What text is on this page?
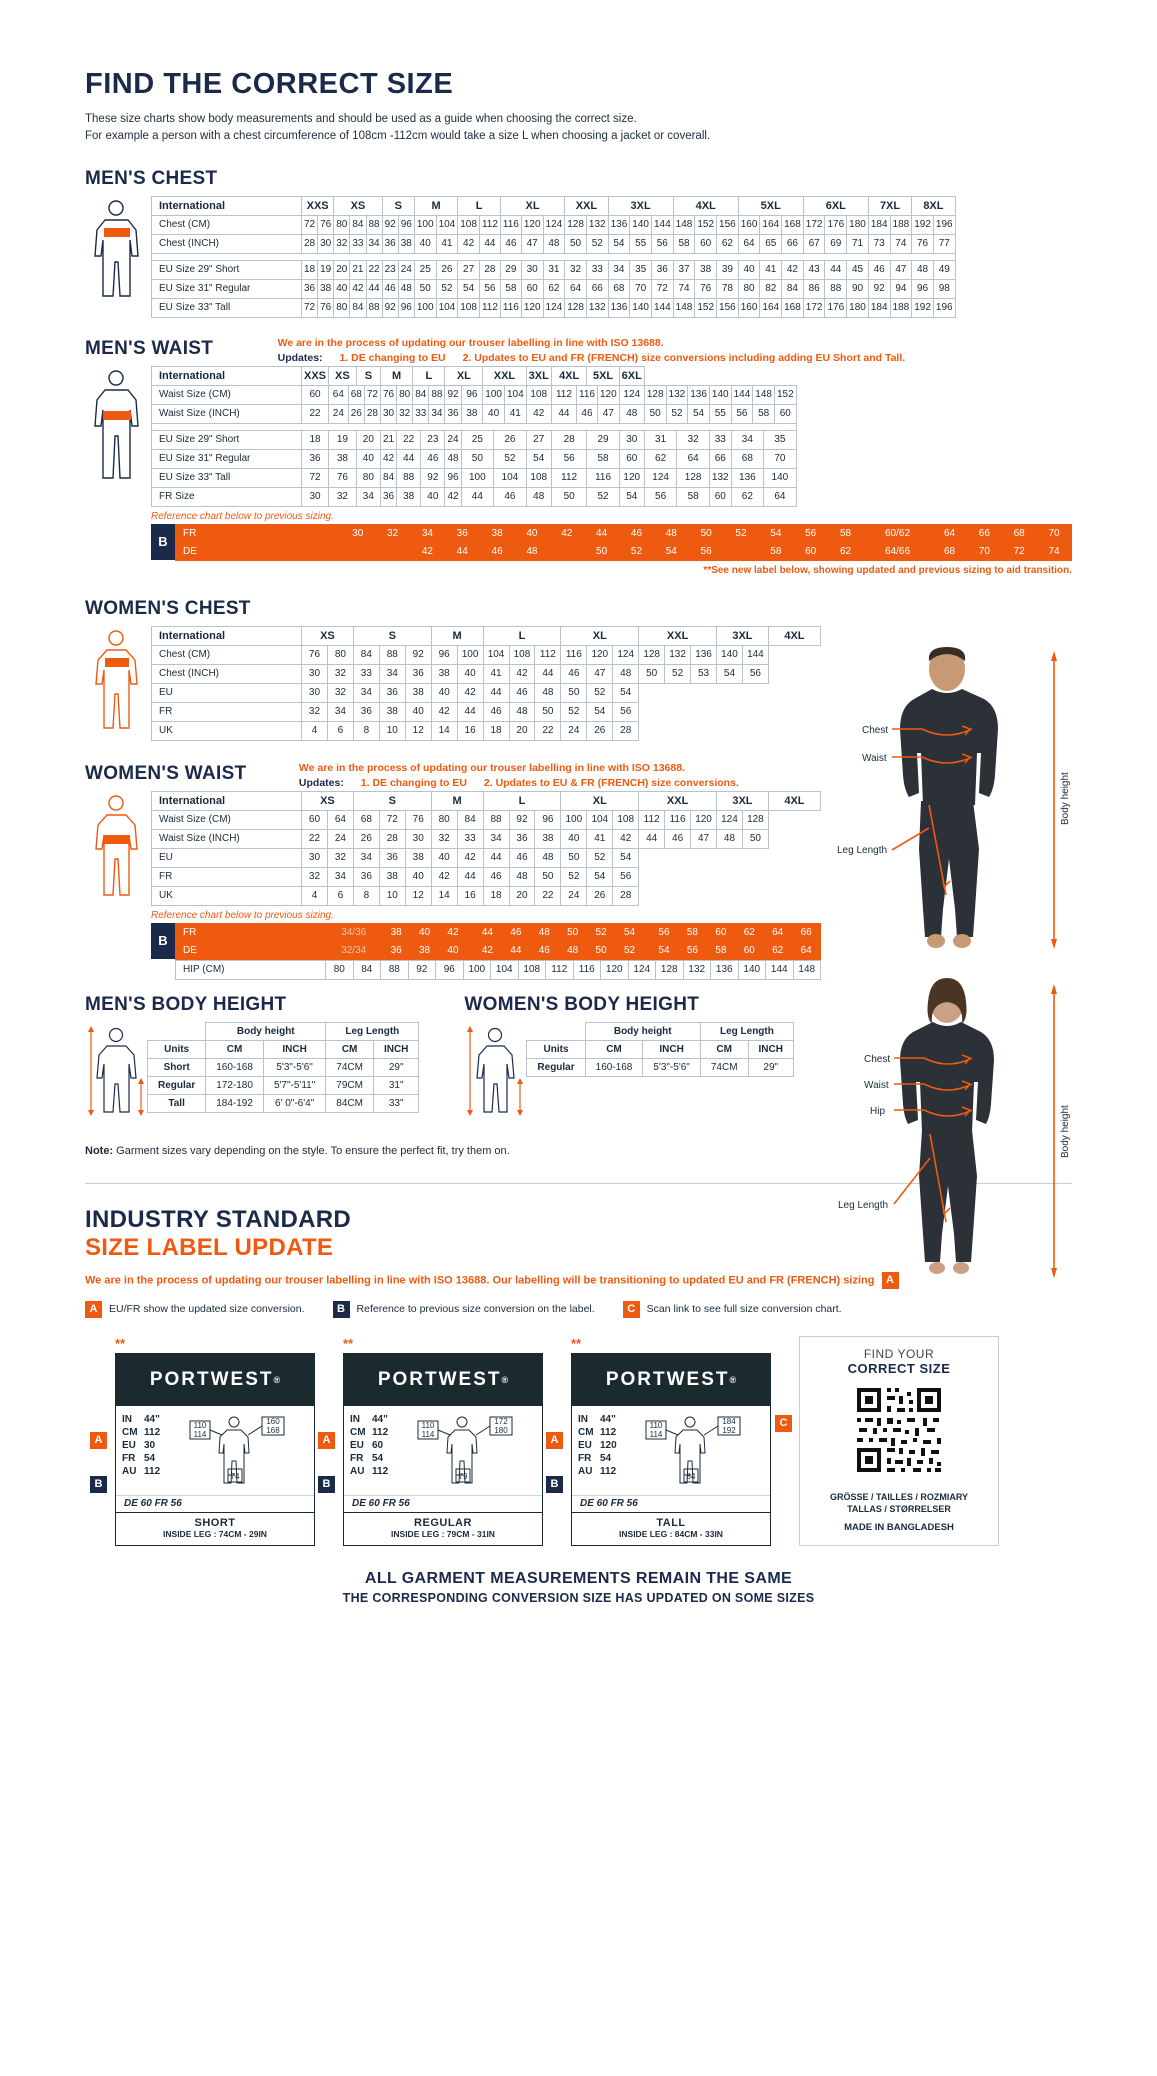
FIND THE CORRECT SIZE
These size charts show body measurements and should be used as a guide when choosing the correct size.
For example a person with a chest circumference of 108cm -112cm would take a size L when choosing a jacket or coverall.
MEN'S CHEST
International	XXS		XS			S		M		L		XL			XXL		3XL			4XL			5XL			6XL			7XL		8XL	
Chest (CM)	72	76	80	84	88	92	96	100	104	108	112	116	120	124	128	132	136	140	144	148	152	156	160	164	168	172	176	180	184	188	192	196
Chest (INCH)	28	30	32	33	34	36	38	40	41	42	44	46	47	48	50	52	54	55	56	58	60	62	64	65	66	67	69	71	73	74	76	77

EU Size 29" Short	18	19	20	21	22	23	24	25	26	27	28	29	30	31	32	33	34	35	36	37	38	39	40	41	42	43	44	45	46	47	48	49
EU Size 31" Regular	36	38	40	42	44	46	48	50	52	54	56	58	60	62	64	66	68	70	72	74	76	78	80	82	84	86	88	90	92	94	96	98
EU Size 33" Tall	72	76	80	84	88	92	96	100	104	108	112	116	120	124	128	132	136	140	144	148	152	156	160	164	168	172	176	180	184	188	192	196
MEN'S WAIST	We are in the process of updating our trouser labelling in line with ISO 13688.
Updates: 1. DE changing to EU 2. Updates to EU and FR (FRENCH) size conversions including adding EU Short and Tall.
International	XXS	XS		S		M		L			XL		XXL			3XL	4XL		5XL		6XL									
Waist Size (CM)	60	64	68		72	76	80	84		88	92	96	100		104	108	112	116		120	124	128	132		136	140	144	148		152
Waist Size (INCH)	22	24	26		28	30	32	33		34	36	38	40		41	42	44	46		47	48	50	52		54	55	56	58		60

EU Size 29" Short	18	19		20		21	22		23		24	25		26		27	28		29		30	31		32		33	34		35	
EU Size 31" Regular	36	38		40		42	44		46		48	50		52		54	56		58		60	62		64		66	68		70	
EU Size 33" Tall	72	76		80		84	88		92		96	100		104		108	112		116		120	124		128		132	136		140	
FR Size	30	32		34		36	38		40		42	44		46		48	50		52		54	56		58		60	62		64	
Reference chart below to previous sizing.
B
FR			30	32	34	36	38	40	42	44	46	48	50	52	54	56	58	60/62	64	66	68	70
DE					42	44	46	48		50	52	54	56		58	60	62	64/66	68	70	72	74
**See new label below, showing updated and previous sizing to aid transition.
WOMEN'S CHEST
International	XS		S			M		L			XL			XXL			3XL		4XL
Chest (CM)	76	80	84	88	92	96	100	104	108	112	116	120	124	128	132	136	140	144	
Chest (INCH)	30	32	33	34	36	38	40	41	42	44	46	47	48	50	52	53	54	56	
EU	30	32	34	36	38	40	42	44	46	48	50	52	54						
FR	32	34	36	38	40	42	44	46	48	50	52	54	56						
UK	4	6	8	10	12	14	16	18	20	22	24	26	28						
WOMEN'S WAIST	We are in the process of updating our trouser labelling in line with ISO 13688.
Updates: 1. DE changing to EU 2. Updates to EU & FR (FRENCH) size conversions.
International	XS		S			M		L			XL			XXL			3XL		4XL
Waist Size (CM)	60	64	68	72	76	80	84	88	92	96	100	104	108	112	116	120	124	128	
Waist Size (INCH)	22	24	26	28	30	32	33	34	36	38	40	41	42	44	46	47	48	50	
EU	30	32	34	36	38	40	42	44	46	48	50	52	54						
FR	32	34	36	38	40	42	44	46	48	50	52	54	56						
UK	4	6	8	10	12	14	16	18	20	22	24	26	28						
Reference chart below to previous sizing.
B
FR	34/36	38	40	42		44	46	48	50	52	54		56	58	60	62	64	66
DE	32/34	36	38	40		42	44	46	48	50	52		54	56	58	60	62	64
HIP (CM)	80	84	88	92	96	100	104	108	112	116	120	124	128	132	136	140	144	148
MEN'S BODY HEIGHT
	Body height		Leg Length	
Units	CM	INCH	CM	INCH
Short	160-168	5'3"-5'6"	74CM	29"
Regular	172-180	5'7"-5'11"	79CM	31"
Tall	184-192	6' 0"-6'4"	84CM	33"
WOMEN'S BODY HEIGHT
	Body height		Leg Length	
Units	CM	INCH	CM	INCH
Regular	160-168	5'3"-5'6"	74CM	29"

Note: Garment sizes vary depending on the style. To ensure the perfect fit, try them on.

Chest
Waist
Leg Length
Body height
Chest
Waist
Hip
Leg Length
Body height
INDUSTRY STANDARD
SIZE LABEL UPDATE
We are in the process of updating our trouser labelling in line with ISO 13688. Our labelling will be transitioning to updated EU and FR (FRENCH) sizing A
A	EU/FR show the updated size conversion.	B	Reference to previous size conversion on the label.	C	Scan link to see full size conversion chart.
**
A
B
PORTWEST ®
IN 44"
CM 112
EU 30
FR 54
AU 112
110
114
160
168
74
DE 60 FR 56
SHORT
INSIDE LEG : 74CM - 29IN
**
A
B
PORTWEST ®
IN 44"
CM 112
EU 60
FR 54
AU 112
110
114
172
180
79
DE 60 FR 56
REGULAR
INSIDE LEG : 79CM - 31IN
**
A
B
PORTWEST ®
IN 44"
CM 112
EU 120
FR 54
AU 112
110
114
184
192
84
DE 60 FR 56
TALL
INSIDE LEG : 84CM - 33IN
C
FIND YOUR
CORRECT SIZE
GRÖSSE / TAILLES / ROZMIARY
TALLAS / STØRRELSER
MADE IN BANGLADESH
ALL GARMENT MEASUREMENTS REMAIN THE SAME
THE CORRESPONDING CONVERSION SIZE HAS UPDATED ON SOME SIZES
